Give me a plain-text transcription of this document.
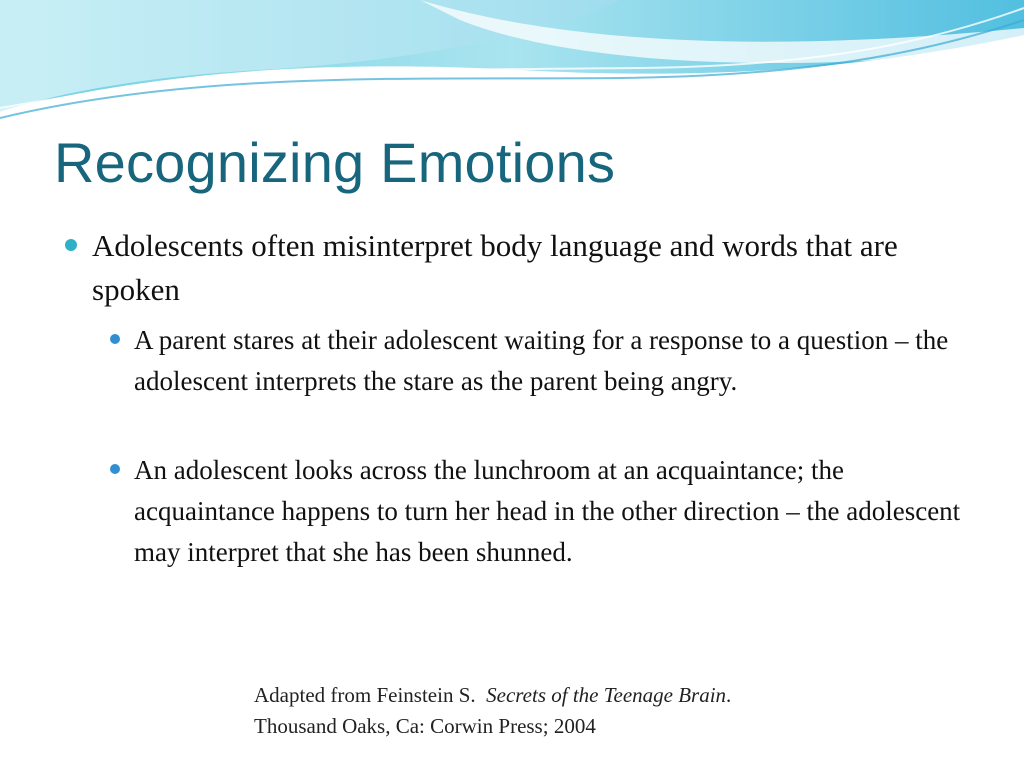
Recognizing Emotions
Adolescents often misinterpret body language and words that are spoken
A parent stares at their adolescent waiting for a response to a question – the adolescent interprets the stare as the parent being angry.
An adolescent looks across the lunchroom at an acquaintance; the acquaintance happens to turn her head in the other direction – the adolescent may interpret that she has been shunned.
Adapted from Feinstein S. Secrets of the Teenage Brain.
Thousand Oaks, Ca: Corwin Press; 2004
